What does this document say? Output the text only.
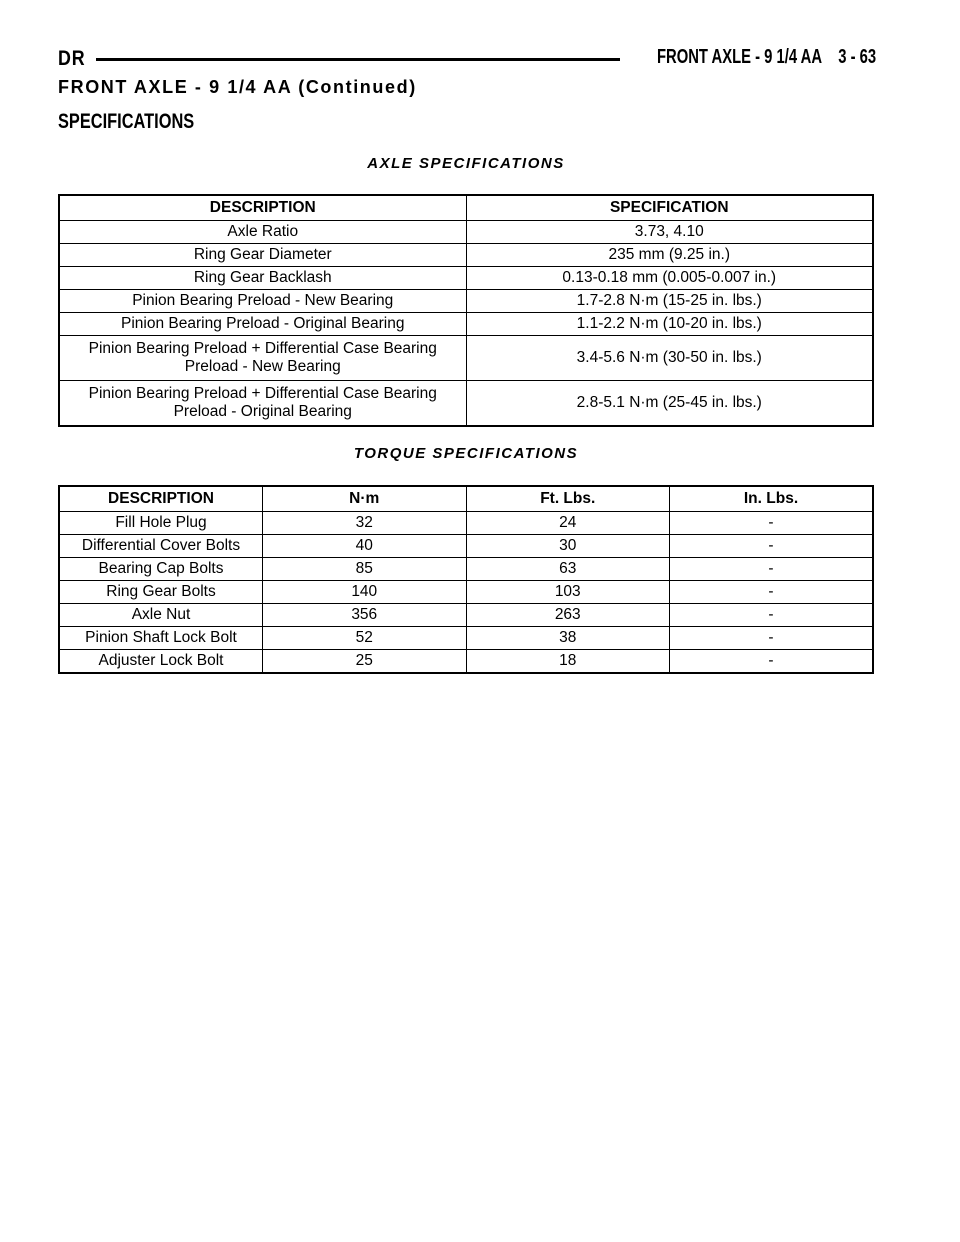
DR	FRONT AXLE - 9 1/4 AA 3 - 63
FRONT AXLE - 9 1/4 AA (Continued)
SPECIFICATIONS
AXLE SPECIFICATIONS
DESCRIPTION	SPECIFICATION
Axle Ratio	3.73, 4.10
Ring Gear Diameter	235 mm (9.25 in.)
Ring Gear Backlash	0.13-0.18 mm (0.005-0.007 in.)
Pinion Bearing Preload - New Bearing	1.7-2.8 N·m (15-25 in. lbs.)
Pinion Bearing Preload - Original Bearing	1.1-2.2 N·m (10-20 in. lbs.)
Pinion Bearing Preload + Differential Case Bearing
Preload - New Bearing	3.4-5.6 N·m (30-50 in. lbs.)
Pinion Bearing Preload + Differential Case Bearing
Preload - Original Bearing	2.8-5.1 N·m (25-45 in. lbs.)
TORQUE SPECIFICATIONS
DESCRIPTION	N·m	Ft. Lbs.	In. Lbs.
Fill Hole Plug	32	24	-
Differential Cover Bolts	40	30	-
Bearing Cap Bolts	85	63	-
Ring Gear Bolts	140	103	-
Axle Nut	356	263	-
Pinion Shaft Lock Bolt	52	38	-
Adjuster Lock Bolt	25	18	-
